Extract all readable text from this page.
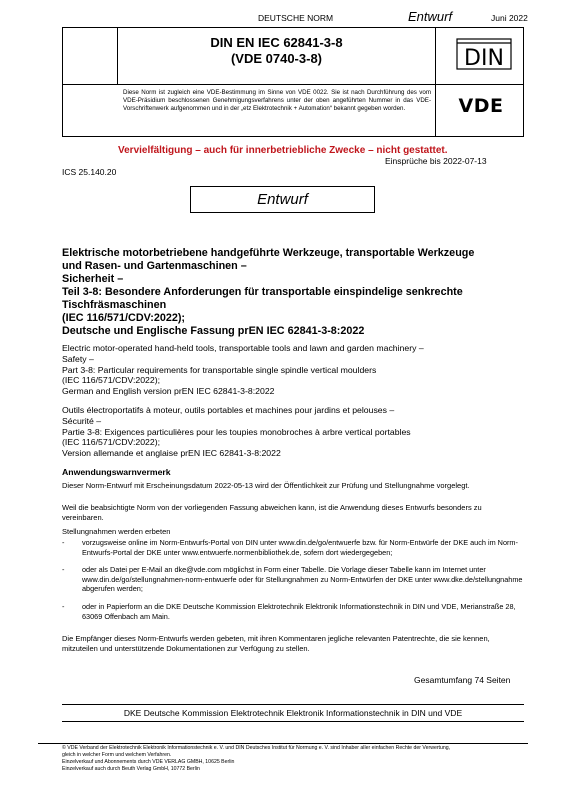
DEUTSCHE NORM	Entwurf	Juni 2022
DIN EN IEC 62841-3-8
(VDE 0740-3-8)
Diese Norm ist zugleich eine VDE-Bestimmung im Sinne von VDE 0022. Sie ist nach Durchführung des vom VDE-Präsidium beschlossenen Genehmigungsverfahrens unter der oben angeführten Nummer in das VDE-Vorschriftenwerk aufgenommen und in der „etz Elektrotechnik + Automation“ bekannt gegeben worden.
DIN
VDE
Vervielfältigung – auch für innerbetriebliche Zwecke – nicht gestattet.
Einsprüche bis 2022-07-13
ICS 25.140.20
Entwurf
Elektrische motorbetriebene handgeführte Werkzeuge, transportable Werkzeuge
und Rasen- und Gartenmaschinen –
Sicherheit –
Teil 3-8: Besondere Anforderungen für transportable einspindelige senkrechte
Tischfräsmaschinen
(IEC 116/571/CDV:2022);
Deutsche und Englische Fassung prEN IEC 62841-3-8:2022
Electric motor-operated hand-held tools, transportable tools and lawn and garden machinery –
Safety –
Part 3-8: Particular requirements for transportable single spindle vertical moulders
(IEC 116/571/CDV:2022);
German and English version prEN IEC 62841-3-8:2022
Outils électroportatifs à moteur, outils portables et machines pour jardins et pelouses –
Sécurité –
Partie 3-8: Exigences particulières pour les toupies monobroches à arbre vertical portables
(IEC 116/571/CDV:2022);
Version allemande et anglaise prEN IEC 62841-3-8:2022
Anwendungswarnvermerk
Dieser Norm-Entwurf mit Erscheinungsdatum 2022-05-13 wird der Öffentlichkeit zur Prüfung und Stellungnahme vorgelegt.
Weil die beabsichtigte Norm von der vorliegenden Fassung abweichen kann, ist die Anwendung dieses Entwurfs besonders zu vereinbaren.
Stellungnahmen werden erbeten
- vorzugsweise online im Norm-Entwurfs-Portal von DIN unter www.din.de/go/entwuerfe bzw. für Norm-Entwürfe der DKE auch im Norm-Entwurfs-Portal der DKE unter www.entwuerfe.normenbibliothek.de, sofern dort wiedergegeben;
- oder als Datei per E-Mail an dke@vde.com möglichst in Form einer Tabelle. Die Vorlage dieser Tabelle kann im Internet unter www.din.de/go/stellungnahmen-norm-entwuerfe oder für Stellungnahmen zu Norm-Entwürfen der DKE unter www.dke.de/stellungnahme abgerufen werden;
- oder in Papierform an die DKE Deutsche Kommission Elektrotechnik Elektronik Informationstechnik in DIN und VDE, Merianstraße 28, 63069 Offenbach am Main.
Die Empfänger dieses Norm-Entwurfs werden gebeten, mit ihren Kommentaren jegliche relevanten Patentrechte, die sie kennen, mitzuteilen und unterstützende Dokumentationen zur Verfügung zu stellen.
Gesamtumfang 74 Seiten
DKE Deutsche Kommission Elektrotechnik Elektronik Informationstechnik in DIN und VDE
© VDE Verband der Elektrotechnik Elektronik Informationstechnik e. V. und DIN Deutsches Institut für Normung e. V. sind Inhaber aller einfachen Rechte der Verwertung,
gleich in welcher Form und welchem Verfahren.
Einzelverkauf und Abonnements durch VDE VERLAG GMBH, 10625 Berlin
Einzelverkauf auch durch Beuth Verlag GmbH, 10772 Berlin
